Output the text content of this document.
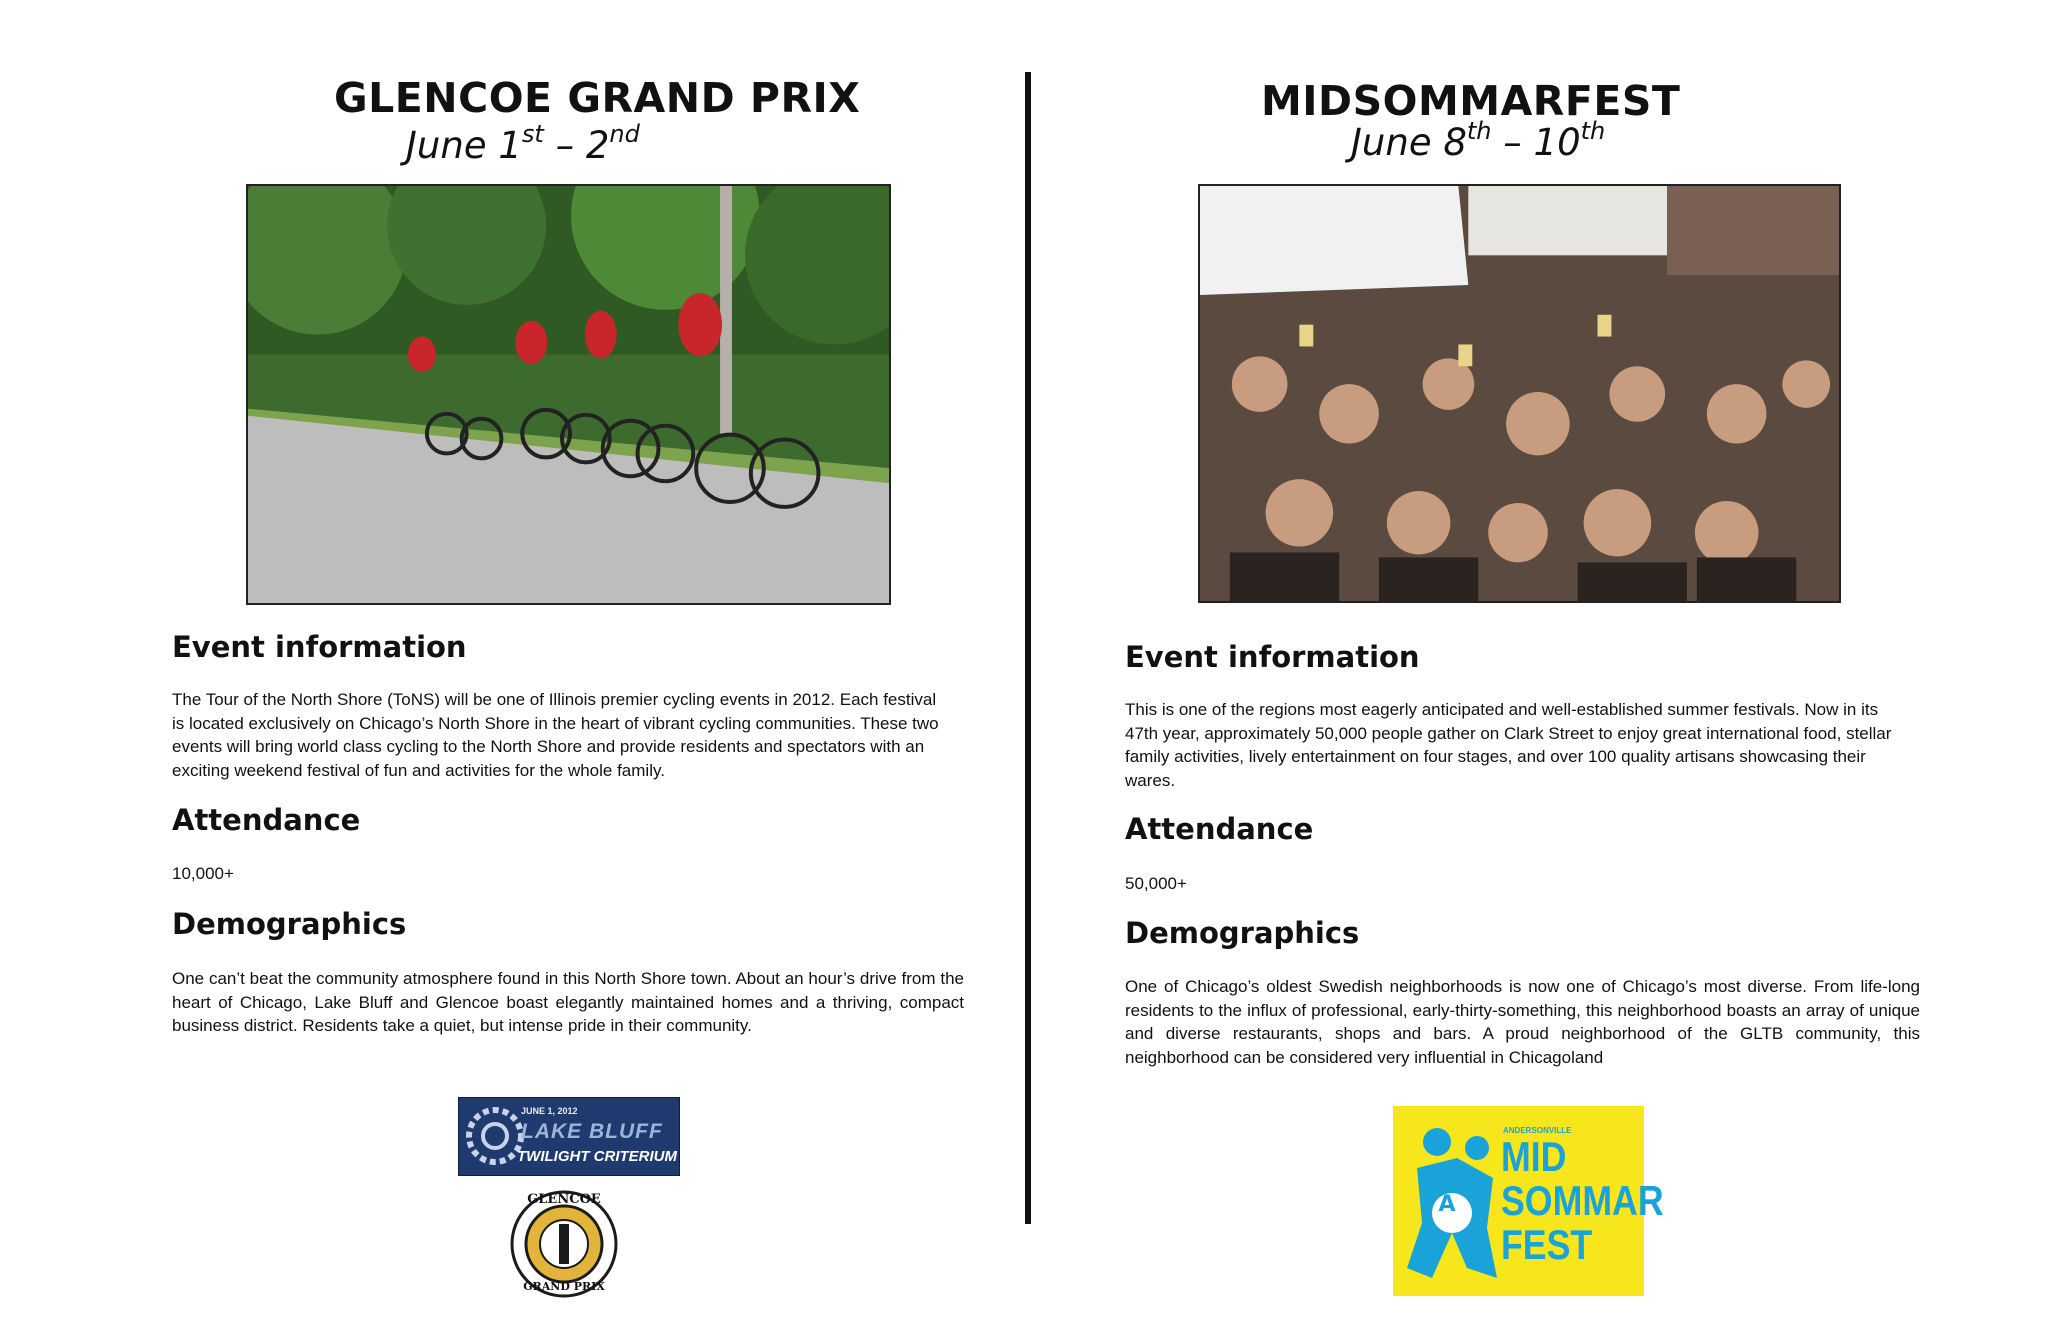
GLENCOE GRAND PRIX
June 1st – 2nd
Event information
The Tour of the North Shore (ToNS) will be one of Illinois premier cycling events in 2012. Each festival is located exclusively on Chicago’s North Shore in the heart of vibrant cycling communities. These two events will bring world class cycling to the North Shore and provide residents and spectators with an exciting weekend festival of fun and activities for the whole family.
Attendance
10,000+
Demographics
One can’t beat the community atmosphere found in this North Shore town. About an hour’s drive from the heart of Chicago, Lake Bluff and Glencoe boast elegantly maintained homes and a thriving, compact business district. Residents take a quiet, but intense pride in their community.
JUNE 1, 2012
LAKE BLUFF
TWILIGHT CRITERIUM
GLENCOE
GRAND PRIX
MIDSOMMARFEST
June 8th – 10th
Event information
This is one of the regions most eagerly anticipated and well-established summer festivals. Now in its 47th year, approximately 50,000 people gather on Clark Street to enjoy great international food, stellar family activities, lively entertainment on four stages, and over 100 quality artisans showcasing their wares.
Attendance
50,000+
Demographics
One of Chicago’s oldest Swedish neighborhoods is now one of Chicago’s most diverse. From life-long residents to the influx of professional, early-thirty-something, this neighborhood boasts an array of unique and diverse restaurants, shops and bars. A proud neighborhood of the GLTB community, this neighborhood can be considered very influential in Chicagoland
A
ANDERSONVILLE
MID
SOMMAR
FEST
